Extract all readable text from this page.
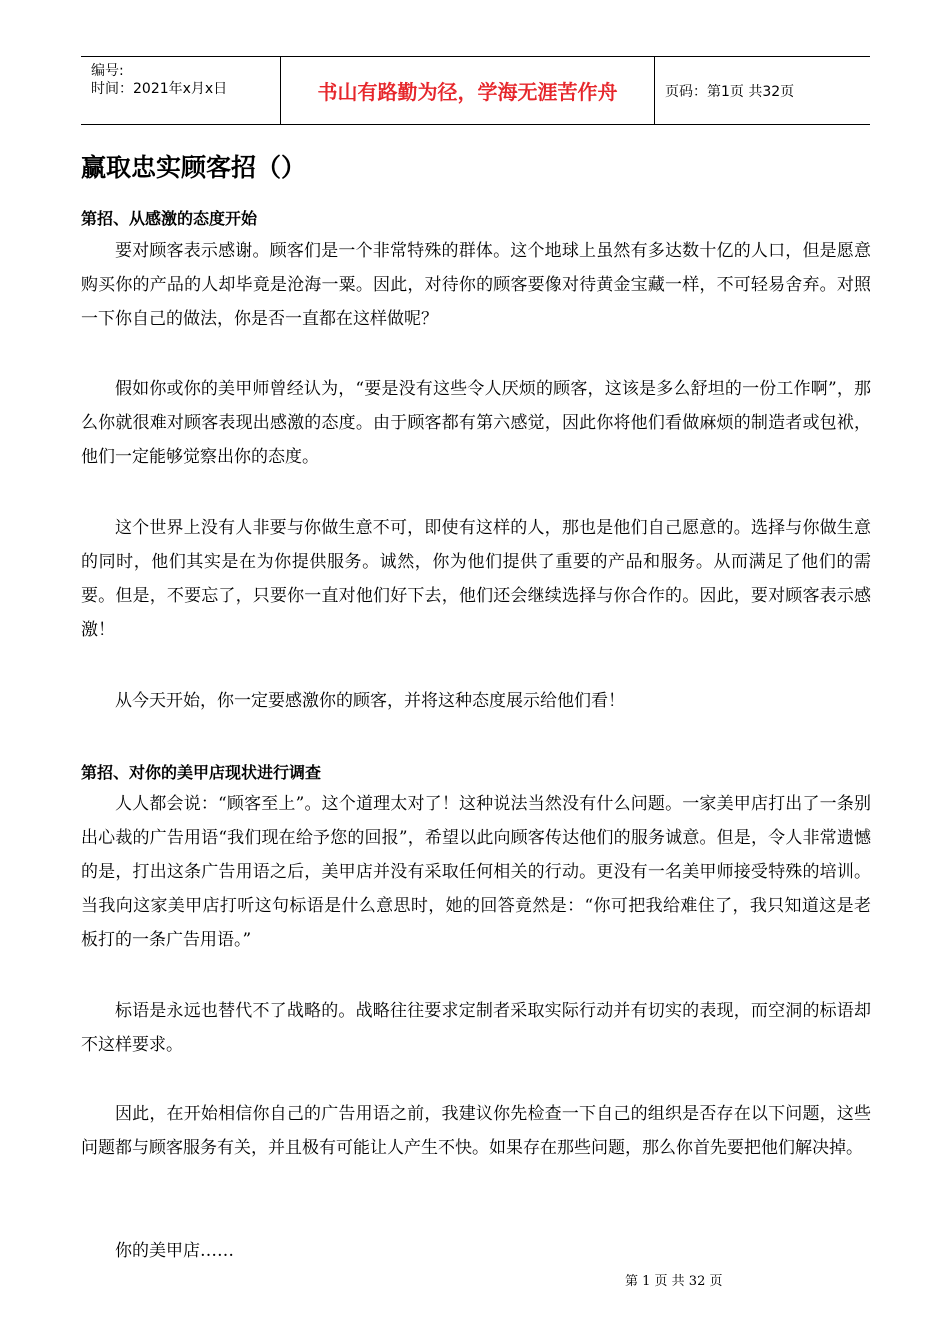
编号:
时间：2021年x月x日	书山有路勤为径，学海无涯苦作舟	页码：第1页 共32页
赢取忠实顾客招（）
第招、从感激的态度开始

要对顾客表示感谢。顾客们是一个非常特殊的群体。这个地球上虽然有多达数十亿的人口，但是愿意购买你的产品的人却毕竟是沧海一粟。因此，对待你的顾客要像对待黄金宝藏一样，不可轻易舍弃。对照一下你自己的做法，你是否一直都在这样做呢？

假如你或你的美甲师曾经认为，“要是没有这些令人厌烦的顾客，这该是多么舒坦的一份工作啊”，那么你就很难对顾客表现出感激的态度。由于顾客都有第六感觉，因此你将他们看做麻烦的制造者或包袱，他们一定能够觉察出你的态度。

这个世界上没有人非要与你做生意不可，即使有这样的人，那也是他们自己愿意的。选择与你做生意的同时，他们其实是在为你提供服务。诚然，你为他们提供了重要的产品和服务。从而满足了他们的需要。但是，不要忘了，只要你一直对他们好下去，他们还会继续选择与你合作的。因此，要对顾客表示感激！

从今天开始，你一定要感激你的顾客，并将这种态度展示给他们看！

第招、对你的美甲店现状进行调查

人人都会说：“顾客至上”。这个道理太对了！这种说法当然没有什么问题。一家美甲店打出了一条别出心裁的广告用语“我们现在给予您的回报”，希望以此向顾客传达他们的服务诚意。但是，令人非常遗憾的是，打出这条广告用语之后，美甲店并没有采取任何相关的行动。更没有一名美甲师接受特殊的培训。当我向这家美甲店打听这句标语是什么意思时，她的回答竟然是：“你可把我给难住了，我只知道这是老板打的一条广告用语。”

标语是永远也替代不了战略的。战略往往要求定制者采取实际行动并有切实的表现，而空洞的标语却不这样要求。

因此，在开始相信你自己的广告用语之前，我建议你先检查一下自己的组织是否存在以下问题，这些问题都与顾客服务有关，并且极有可能让人产生不快。如果存在那些问题，那么你首先要把他们解决掉。

你的美甲店……

第 1 页 共 32 页
